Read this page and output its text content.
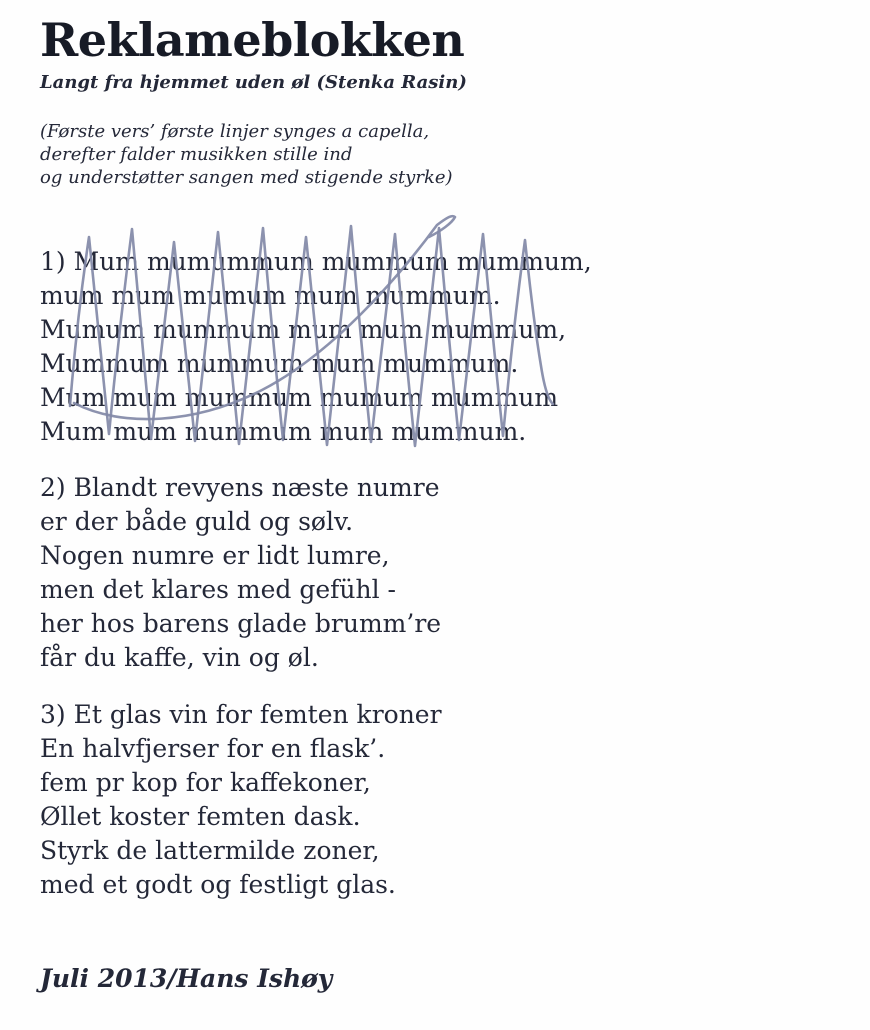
Reklameblokken
Langt fra hjemmet uden øl (Stenka Rasin)
(Første vers’ første linjer synges a capella,
derefter falder musikken stille ind
og understøtter sangen med stigende styrke)
1) Mum mumummum mummum mummum,
mum mum mumum mum mummum.
Mumum mummum mum mum mummum,
Mummum mummum mum mummum.
Mum mum mummum mumum mummum
Mum mum mummum mum mummum.
2) Blandt revyens næste numre
er der både guld og sølv.
Nogen numre er lidt lumre,
men det klares med gefühl -
her hos barens glade brumm’re
får du kaffe, vin og øl.
3) Et glas vin for femten kroner
En halvfjerser for en flask’.
fem pr kop for kaffekoner,
Øllet koster femten dask.
Styrk de lattermilde zoner,
med et godt og festligt glas.
Juli 2013/Hans Ishøy
